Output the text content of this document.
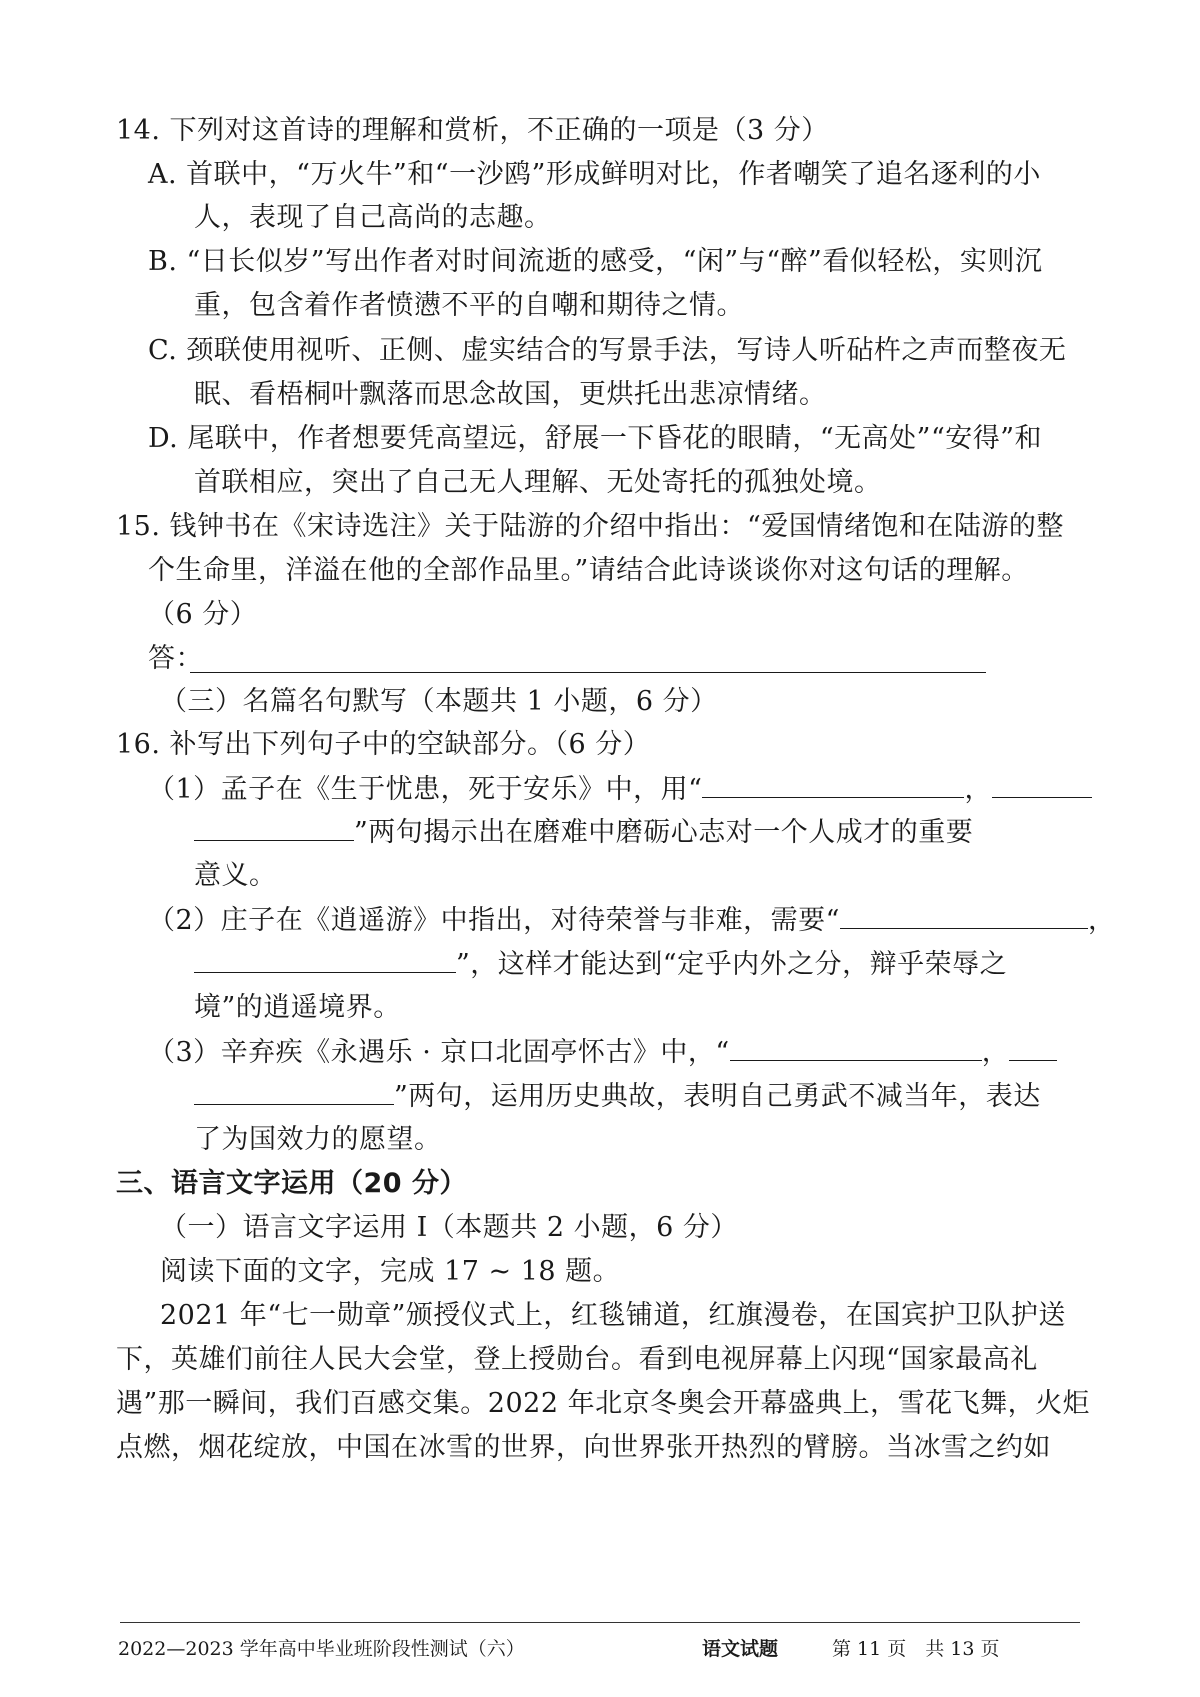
14. 下列对这首诗的理解和赏析，不正确的一项是（3 分）
A. 首联中，“万火牛”和“一沙鸥”形成鲜明对比，作者嘲笑了追名逐利的小
人，表现了自己高尚的志趣。
B. “日长似岁”写出作者对时间流逝的感受，“闲”与“醉”看似轻松，实则沉
重，包含着作者愤懑不平的自嘲和期待之情。
C. 颈联使用视听、正侧、虚实结合的写景手法，写诗人听砧杵之声而整夜无
眠、看梧桐叶飘落而思念故国，更烘托出悲凉情绪。
D. 尾联中，作者想要凭高望远，舒展一下昏花的眼睛，“无高处”“安得”和
首联相应，突出了自己无人理解、无处寄托的孤独处境。
15. 钱钟书在《宋诗选注》关于陆游的介绍中指出：“爱国情绪饱和在陆游的整
个生命里，洋溢在他的全部作品里。”请结合此诗谈谈你对这句话的理解。
（6 分）
答：
（三）名篇名句默写（本题共 1 小题，6 分）
16. 补写出下列句子中的空缺部分。（6 分）
（1）孟子在《生于忧患，死于安乐》中，用“	，
”两句揭示出在磨难中磨砺心志对一个人成才的重要
意义。
（2）庄子在《逍遥游》中指出，对待荣誉与非难，需要“	，
”，这样才能达到“定乎内外之分，辩乎荣辱之
境”的逍遥境界。
（3）辛弃疾《永遇乐 · 京口北固亭怀古》中，“	，
”两句，运用历史典故，表明自己勇武不减当年，表达
了为国效力的愿望。
三、语言文字运用（20 分）
（一）语言文字运用 Ⅰ（本题共 2 小题，6 分）
阅读下面的文字，完成 17 ~ 18 题。
2021 年“七一勋章”颁授仪式上，红毯铺道，红旗漫卷，在国宾护卫队护送
下，英雄们前往人民大会堂，登上授勋台。看到电视屏幕上闪现“国家最高礼
遇”那一瞬间，我们百感交集。2022 年北京冬奥会开幕盛典上，雪花飞舞，火炬
点燃，烟花绽放，中国在冰雪的世界，向世界张开热烈的臂膀。当冰雪之约如
2022—2023 学年高中毕业班阶段性测试（六）	语文试题	第 11 页　共 13 页
